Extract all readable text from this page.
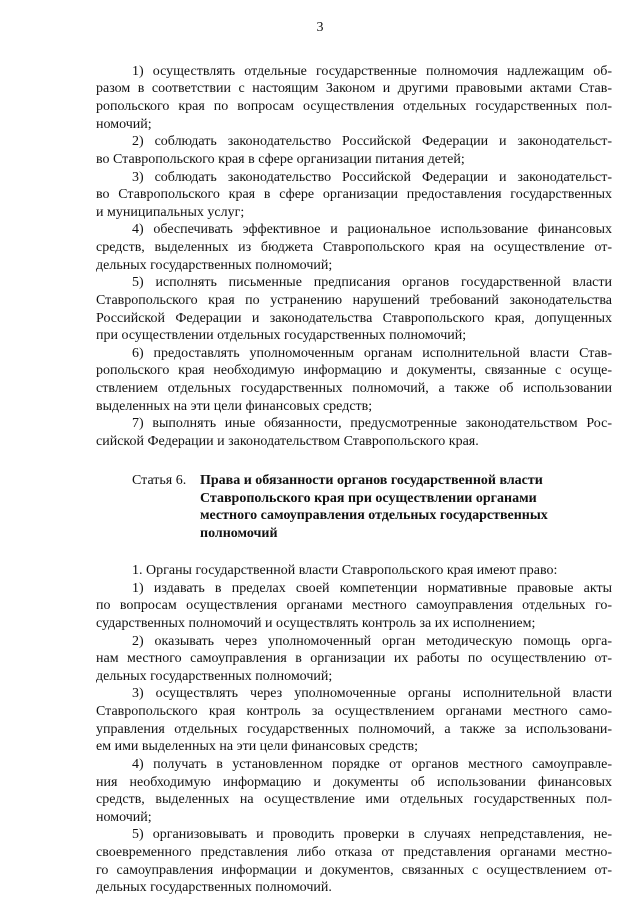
3
1) осуществлять отдельные государственные полномочия надлежащим об-
разом в соответствии с настоящим Законом и другими правовыми актами Став-
ропольского края по вопросам осуществления отдельных государственных пол-
номочий;
2) соблюдать законодательство Российской Федерации и законодательст-
во Ставропольского края в сфере организации питания детей;
3) соблюдать законодательство Российской Федерации и законодательст-
во Ставропольского края в сфере организации предоставления государственных
и муниципальных услуг;
4) обеспечивать эффективное и рациональное использование финансовых
средств, выделенных из бюджета Ставропольского края на осуществление от-
дельных государственных полномочий;
5) исполнять письменные предписания органов государственной власти
Ставропольского края по устранению нарушений требований законодательства
Российской Федерации и законодательства Ставропольского края, допущенных
при осуществлении отдельных государственных полномочий;
6) предоставлять уполномоченным органам исполнительной власти Став-
ропольского края необходимую информацию и документы, связанные с осуще-
ствлением отдельных государственных полномочий, а также об использовании
выделенных на эти цели финансовых средств;
7) выполнять иные обязанности, предусмотренные законодательством Рос-
сийской Федерации и законодательством Ставропольского края.
Статья 6. Права и обязанности органов государственной власти
Ставропольского края при осуществлении органами
местного самоуправления отдельных государственных
полномочий
1. Органы государственной власти Ставропольского края имеют право:
1) издавать в пределах своей компетенции нормативные правовые акты
по вопросам осуществления органами местного самоуправления отдельных го-
сударственных полномочий и осуществлять контроль за их исполнением;
2) оказывать через уполномоченный орган методическую помощь орга-
нам местного самоуправления в организации их работы по осуществлению от-
дельных государственных полномочий;
3) осуществлять через уполномоченные органы исполнительной власти
Ставропольского края контроль за осуществлением органами местного само-
управления отдельных государственных полномочий, а также за использовани-
ем ими выделенных на эти цели финансовых средств;
4) получать в установленном порядке от органов местного самоуправле-
ния необходимую информацию и документы об использовании финансовых
средств, выделенных на осуществление ими отдельных государственных пол-
номочий;
5) организовывать и проводить проверки в случаях непредставления, не-
своевременного представления либо отказа от представления органами местно-
го самоуправления информации и документов, связанных с осуществлением от-
дельных государственных полномочий.
